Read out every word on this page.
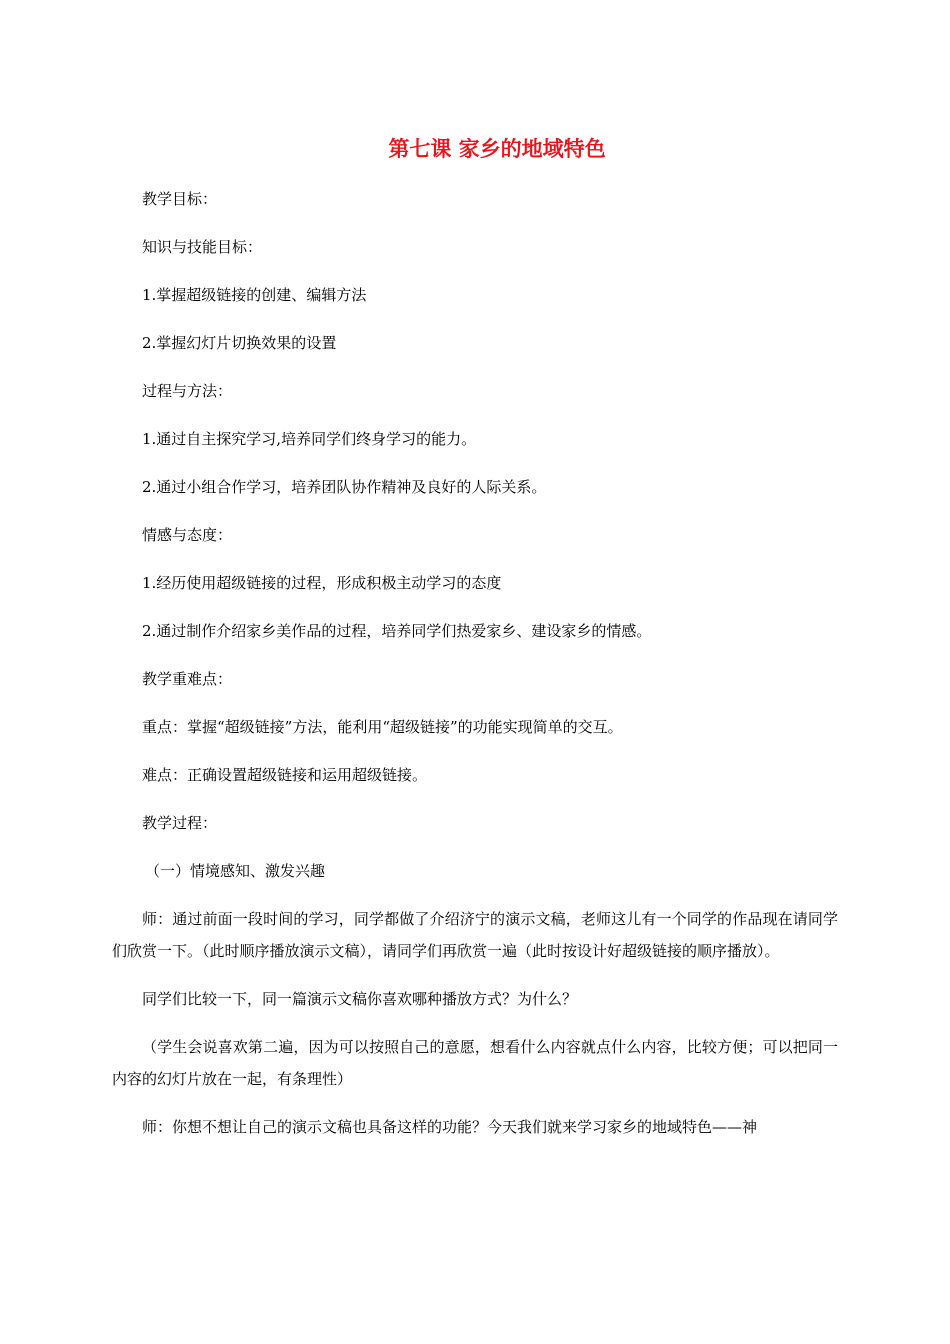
第七课 家乡的地域特色

教学目标：

知识与技能目标：

1.掌握超级链接的创建、编辑方法

2.掌握幻灯片切换效果的设置

过程与方法：

1.通过自主探究学习,培养同学们终身学习的能力。

2.通过小组合作学习，培养团队协作精神及良好的人际关系。

情感与态度：

1.经历使用超级链接的过程，形成积极主动学习的态度

2.通过制作介绍家乡美作品的过程，培养同学们热爱家乡、建设家乡的情感。

教学重难点：

重点：掌握“超级链接”方法，能利用“超级链接”的功能实现简单的交互。

难点：正确设置超级链接和运用超级链接。

教学过程：

（一）情境感知、激发兴趣

师：通过前面一段时间的学习，同学都做了介绍济宁的演示文稿，老师这儿有一个同学的作品现在请同学们欣赏一下。（此时顺序播放演示文稿），请同学们再欣赏一遍（此时按设计好超级链接的顺序播放）。

同学们比较一下，同一篇演示文稿你喜欢哪种播放方式？为什么？

（学生会说喜欢第二遍，因为可以按照自己的意愿，想看什么内容就点什么内容，比较方便；可以把同一内容的幻灯片放在一起，有条理性）

师：你想不想让自己的演示文稿也具备这样的功能？今天我们就来学习家乡的地域特色——神
